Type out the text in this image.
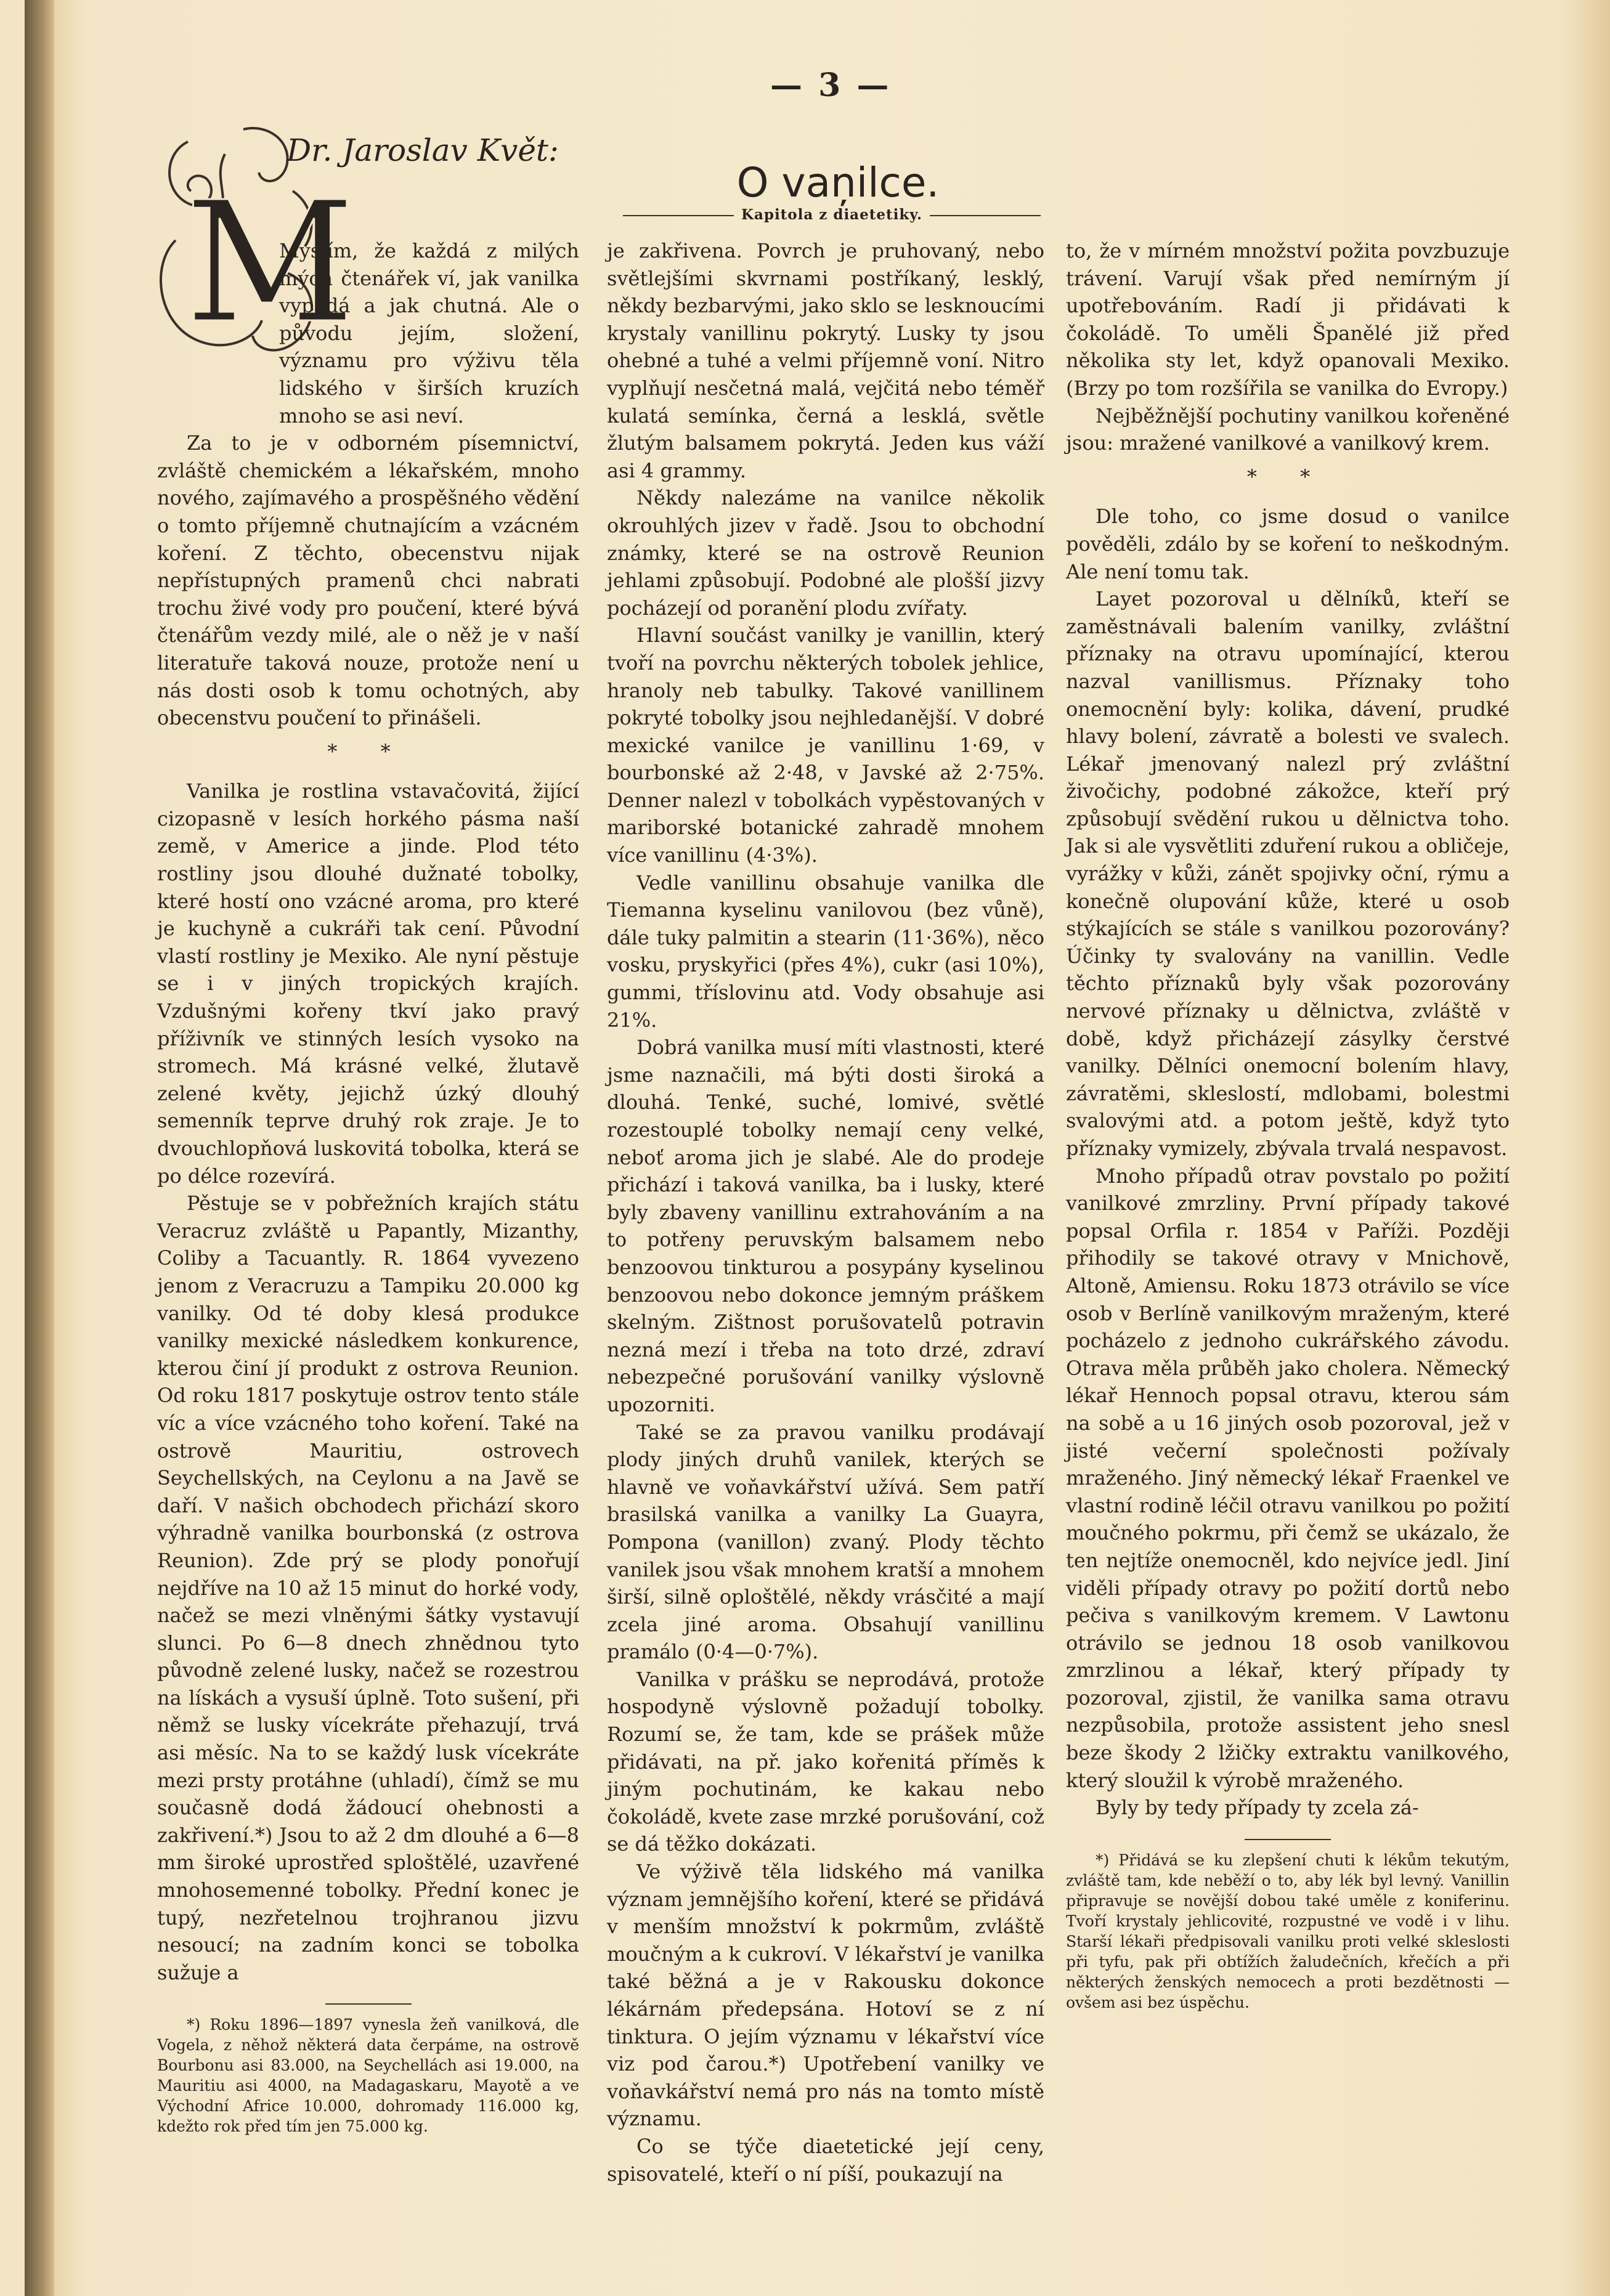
— 3 —
M
Dr. Jaroslav Květ:
O vaņilce.
Kapitola z diaetetiky.

Myslím, že každá z milých mých čtenářek ví, jak vanilka vypadá a jak chutná. Ale o původu jejím, složení, významu pro výživu těla lidského v širších kruzích mnoho se asi neví.

Za to je v odborném písemnictví, zvláště chemickém a lékařském, mnoho nového, zajímavého a prospěšného vědění o tomto příjemně chutnajícím a vzácném koření. Z těchto, obecenstvu nijak nepřístupných pramenů chci nabrati trochu živé vody pro poučení, které bývá čtenářům vezdy milé, ale o něž je v naší literatuře taková nouze, protože není u nás dosti osob k tomu ochotných, aby obecenstvu poučení to přinášeli.

* *

Vanilka je rostlina vstavačovitá, žijící cizopasně v lesích horkého pásma naší země, v Americe a jinde. Plod této rostliny jsou dlouhé dužnaté tobolky, které hostí ono vzácné aroma, pro které je kuchyně a cukráři tak cení. Původní vlastí rostliny je Mexiko. Ale nyní pěstuje se i v jiných tropických krajích. Vzdušnými kořeny tkví jako pravý příživník ve stinných lesích vysoko na stromech. Má krásné velké, žlutavě zelené květy, jejichž úzký dlouhý semenník teprve druhý rok zraje. Je to dvouchlopňová luskovitá tobolka, která se po délce rozevírá.

Pěstuje se v pobřežních krajích státu Veracruz zvláště u Papantly, Mizanthy, Coliby a Tacuantly. R. 1864 vyvezeno jenom z Veracruzu a Tampiku 20.000 kg vanilky. Od té doby klesá produkce vanilky mexické následkem konkurence, kterou činí jí produkt z ostrova Reunion. Od roku 1817 poskytuje ostrov tento stále víc a více vzácného toho koření. Také na ostrově Mauritiu, ostrovech Seychellských, na Ceylonu a na Javě se daří. V našich obchodech přichází skoro výhradně vanilka bourbonská (z ostrova Reunion). Zde prý se plody ponořují nejdříve na 10 až 15 minut do horké vody, načež se mezi vlněnými šátky vystavují slunci. Po 6—8 dnech zhnědnou tyto původně zelené lusky, načež se rozestrou na lískách a vysuší úplně. Toto sušení, při němž se lusky vícekráte přehazují, trvá asi měsíc. Na to se každý lusk vícekráte mezi prsty protáhne (uhladí), čímž se mu současně dodá žádoucí ohebnosti a zakřivení.*) Jsou to až 2 dm dlouhé a 6—8 mm široké uprostřed sploštělé, uzavřené mnohosemenné tobolky. Přední konec je tupý, nezřetelnou trojhranou jizvu nesoucí; na zadním konci se tobolka sužuje a

*) Roku 1896—1897 vynesla žeň vanilková, dle Vogela, z něhož některá data čerpáme, na ostrově Bourbonu asi 83.000, na Seychellách asi 19.000, na Mauritiu asi 4000, na Madagaskaru, Mayotě a ve Východní Africe 10.000, dohromady 116.000 kg, kdežto rok před tím jen 75.000 kg.

je zakřivena. Povrch je pruhovaný, nebo světlejšími skvrnami postříkaný, lesklý, někdy bezbarvými, jako sklo se lesknoucími krystaly vanillinu pokrytý. Lusky ty jsou ohebné a tuhé a velmi příjemně voní. Nitro vyplňují nesčetná malá, vejčitá nebo téměř kulatá semínka, černá a lesklá, světle žlutým balsamem pokrytá. Jeden kus váží asi 4 grammy.

Někdy nalezáme na vanilce několik okrouhlých jizev v řadě. Jsou to obchodní známky, které se na ostrově Reunion jehlami způsobují. Podobné ale plošší jizvy pocházejí od poranění plodu zvířaty.

Hlavní součást vanilky je vanillin, který tvoří na povrchu některých tobolek jehlice, hranoly neb tabulky. Takové vanillinem pokryté tobolky jsou nejhledanější. V dobré mexické vanilce je vanillinu 1·69, v bourbonské až 2·48, v Javské až 2·75%. Denner nalezl v tobolkách vypěstovaných v mariborské botanické zahradě mnohem více vanillinu (4·3%).

Vedle vanillinu obsahuje vanilka dle Tiemanna kyselinu vanilovou (bez vůně), dále tuky palmitin a stearin (11·36%), něco vosku, pryskyřici (přes 4%), cukr (asi 10%), gummi, tříslovinu atd. Vody obsahuje asi 21%.

Dobrá vanilka musí míti vlastnosti, které jsme naznačili, má býti dosti široká a dlouhá. Tenké, suché, lomivé, světlé rozestouplé tobolky nemají ceny velké, neboť aroma jich je slabé. Ale do prodeje přichází i taková vanilka, ba i lusky, které byly zbaveny vanillinu extrahováním a na to potřeny peruvským balsamem nebo benzoovou tinkturou a posypány kyselinou benzoovou nebo dokonce jemným práškem skelným. Zištnost porušovatelů potravin nezná mezí i třeba na toto drzé, zdraví nebezpečné porušování vanilky výslovně upozorniti.

Také se za pravou vanilku prodávají plody jiných druhů vanilek, kterých se hlavně ve voňavkářství užívá. Sem patří brasilská vanilka a vanilky La Guayra, Pompona (vanillon) zvaný. Plody těchto vanilek jsou však mnohem kratší a mnohem širší, silně oploštělé, někdy vrásčité a mají zcela jiné aroma. Obsahují vanillinu pramálo (0·4—0·7%).

Vanilka v prášku se neprodává, protože hospodyně výslovně požadují tobolky. Rozumí se, že tam, kde se prášek může přidávati, na př. jako kořenitá příměs k jiným pochutinám, ke kakau nebo čokoládě, kvete zase mrzké porušování, což se dá těžko dokázati.

Ve výživě těla lidského má vanilka význam jemnějšího koření, které se přidává v menším množství k pokrmům, zvláště moučným a k cukroví. V lékařství je vanilka také běžná a je v Rakousku dokonce lékárnám předepsána. Hotoví se z ní tinktura. O jejím významu v lékařství více viz pod čarou.*) Upotřebení vanilky ve voňavkářství nemá pro nás na tomto místě významu.

Co se týče diaetetické její ceny, spisovatelé, kteří o ní píší, poukazují na

to, že v mírném množství požita povzbuzuje trávení. Varují však před nemírným jí upotřebováním. Radí ji přidávati k čokoládě. To uměli Španělé již před několika sty let, když opanovali Mexiko. (Brzy po tom rozšířila se vanilka do Evropy.)

Nejběžnější pochutiny vanilkou kořeněné jsou: mražené vanilkové a vanilkový krem.

* *

Dle toho, co jsme dosud o vanilce pověděli, zdálo by se koření to neškodným. Ale není tomu tak.

Layet pozoroval u dělníků, kteří se zaměstnávali balením vanilky, zvláštní příznaky na otravu upomínající, kterou nazval vanillismus. Příznaky toho onemocnění byly: kolika, dávení, prudké hlavy bolení, závratě a bolesti ve svalech. Lékař jmenovaný nalezl prý zvláštní živočichy, podobné zákožce, kteří prý způsobují svědění rukou u dělnictva toho. Jak si ale vysvětliti zduření rukou a obličeje, vyrážky v kůži, zánět spojivky oční, rýmu a konečně olupování kůže, které u osob stýkajících se stále s vanilkou pozorovány? Účinky ty svalovány na vanillin. Vedle těchto příznaků byly však pozorovány nervové příznaky u dělnictva, zvláště v době, když přicházejí zásylky čerstvé vanilky. Dělníci onemocní bolením hlavy, závratěmi, skleslostí, mdlobami, bolestmi svalovými atd. a potom ještě, když tyto příznaky vymizely, zbývala trvalá nespavost.

Mnoho případů otrav povstalo po požití vanilkové zmrzliny. První případy takové popsal Orfila r. 1854 v Paříži. Později přihodily se takové otravy v Mnichově, Altoně, Amiensu. Roku 1873 otrávilo se více osob v Berlíně vanilkovým mraženým, které pocházelo z jednoho cukrářského závodu. Otrava měla průběh jako cholera. Německý lékař Hennoch popsal otravu, kterou sám na sobě a u 16 jiných osob pozoroval, jež v jisté večerní společnosti požívaly mraženého. Jiný německý lékař Fraenkel ve vlastní rodině léčil otravu vanilkou po požití moučného pokrmu, při čemž se ukázalo, že ten nejtíže onemocněl, kdo nejvíce jedl. Jiní viděli případy otravy po požití dortů nebo pečiva s vanilkovým kremem. V Lawtonu otrávilo se jednou 18 osob vanilkovou zmrzlinou a lékař, který případy ty pozoroval, zjistil, že vanilka sama otravu nezpůsobila, protože assistent jeho snesl beze škody 2 lžičky extraktu vanilkového, který sloužil k výrobě mraženého.

Byly by tedy případy ty zcela zá-

*) Přidává se ku zlepšení chuti k lékům tekutým, zvláště tam, kde neběží o to, aby lék byl levný. Vanillin připravuje se novější dobou také uměle z koniferinu. Tvoří krystaly jehlicovité, rozpustné ve vodě i v lihu. Starší lékaři předpisovali vanilku proti velké skleslosti při tyfu, pak při obtížích žaludečních, křečích a při některých ženských nemocech a proti bezdětnosti — ovšem asi bez úspěchu.
